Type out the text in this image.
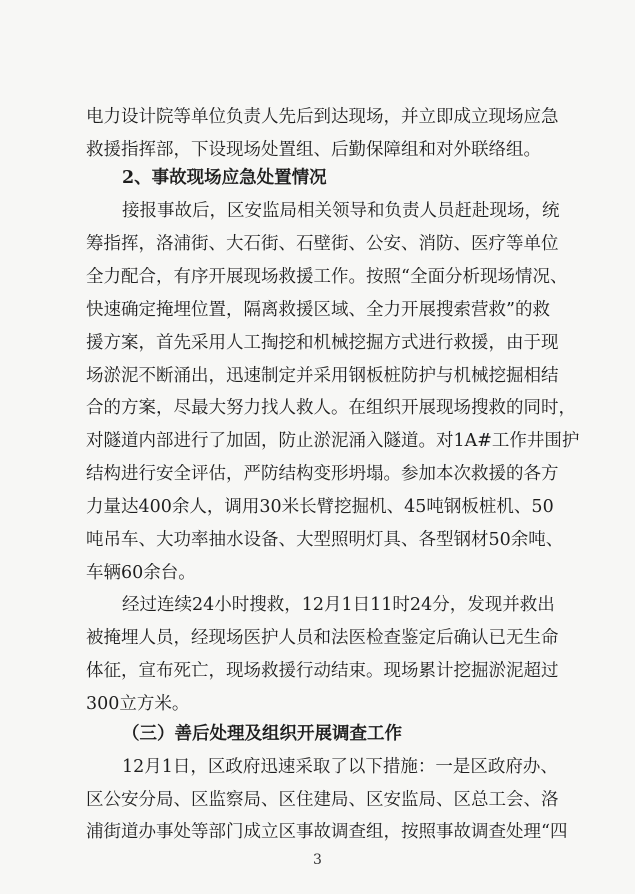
电力设计院等单位负责人先后到达现场，并立即成立现场应急
救援指挥部，下设现场处置组、后勤保障组和对外联络组。
2、事故现场应急处置情况
接报事故后，区安监局相关领导和负责人员赶赴现场，统
筹指挥，洛浦街、大石街、石壁街、公安、消防、医疗等单位
全力配合，有序开展现场救援工作。按照“全面分析现场情况、
快速确定掩埋位置，隔离救援区域、全力开展搜索营救”的救
援方案，首先采用人工掏挖和机械挖掘方式进行救援，由于现
场淤泥不断涌出，迅速制定并采用钢板桩防护与机械挖掘相结
合的方案，尽最大努力找人救人。在组织开展现场搜救的同时，
对隧道内部进行了加固，防止淤泥涌入隧道。对1A#工作井围护
结构进行安全评估，严防结构变形坍塌。参加本次救援的各方
力量达400余人，调用30米长臂挖掘机、45吨钢板桩机、50
吨吊车、大功率抽水设备、大型照明灯具、各型钢材50余吨、
车辆60余台。
经过连续24小时搜救，12月1日11时24分，发现并救出
被掩埋人员，经现场医护人员和法医检查鉴定后确认已无生命
体征，宣布死亡，现场救援行动结束。现场累计挖掘淤泥超过
300立方米。
（三）善后处理及组织开展调查工作
12月1日，区政府迅速采取了以下措施：一是区政府办、
区公安分局、区监察局、区住建局、区安监局、区总工会、洛
浦街道办事处等部门成立区事故调查组，按照事故调查处理“四
3
